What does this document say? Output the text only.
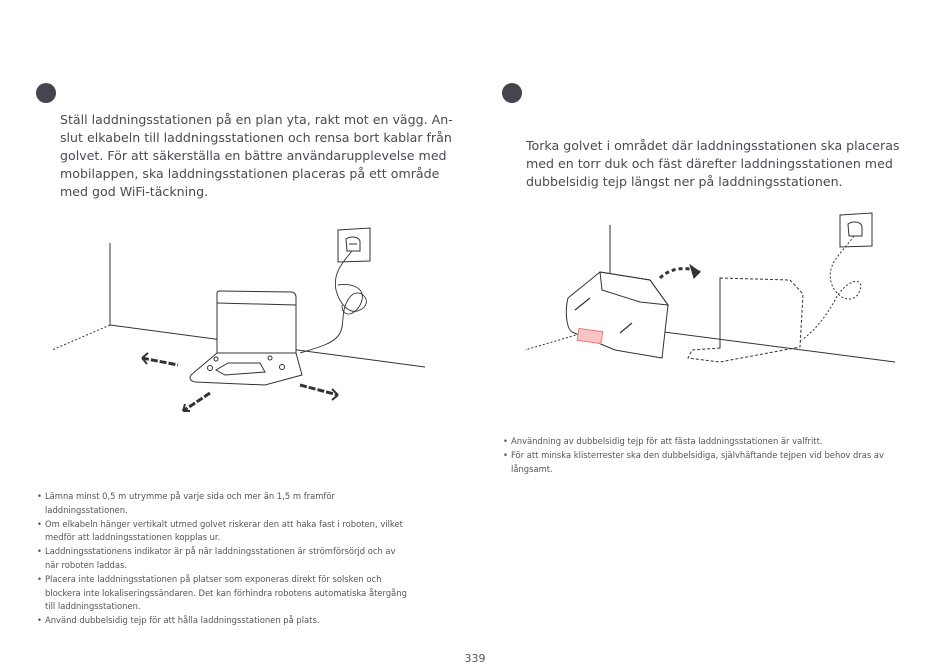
Ställ laddningsstationen på en plan yta, rakt mot en vägg. An-
slut elkabeln till laddningsstationen och rensa bort kablar från
golvet. För att säkerställa en bättre användarupplevelse med
mobilappen, ska laddningsstationen placeras på ett område
med god WiFi-täckning.

• Lämna minst 0,5 m utrymme på varje sida och mer än 1,5 m framför
laddningsstationen.
• Om elkabeln hänger vertikalt utmed golvet riskerar den att haka fast i roboten, vilket
medför att laddningsstationen kopplas ur.
• Laddningsstationens indikator är på när laddningsstationen är strömförsörjd och av
när roboten laddas.
• Placera inte laddningsstationen på platser som exponeras direkt för solsken och
blockera inte lokaliseringssändaren. Det kan förhindra robotens automatiska återgång
till laddningsstationen.
• Använd dubbelsidig tejp för att hålla laddningsstationen på plats.

Torka golvet i området där laddningsstationen ska placeras
med en torr duk och fäst därefter laddningsstationen med
dubbelsidig tejp längst ner på laddningsstationen.

• Användning av dubbelsidig tejp för att fästa laddningsstationen är valfritt.
• För att minska klisterrester ska den dubbelsidiga, självhäftande tejpen vid behov dras av
långsamt.
339
